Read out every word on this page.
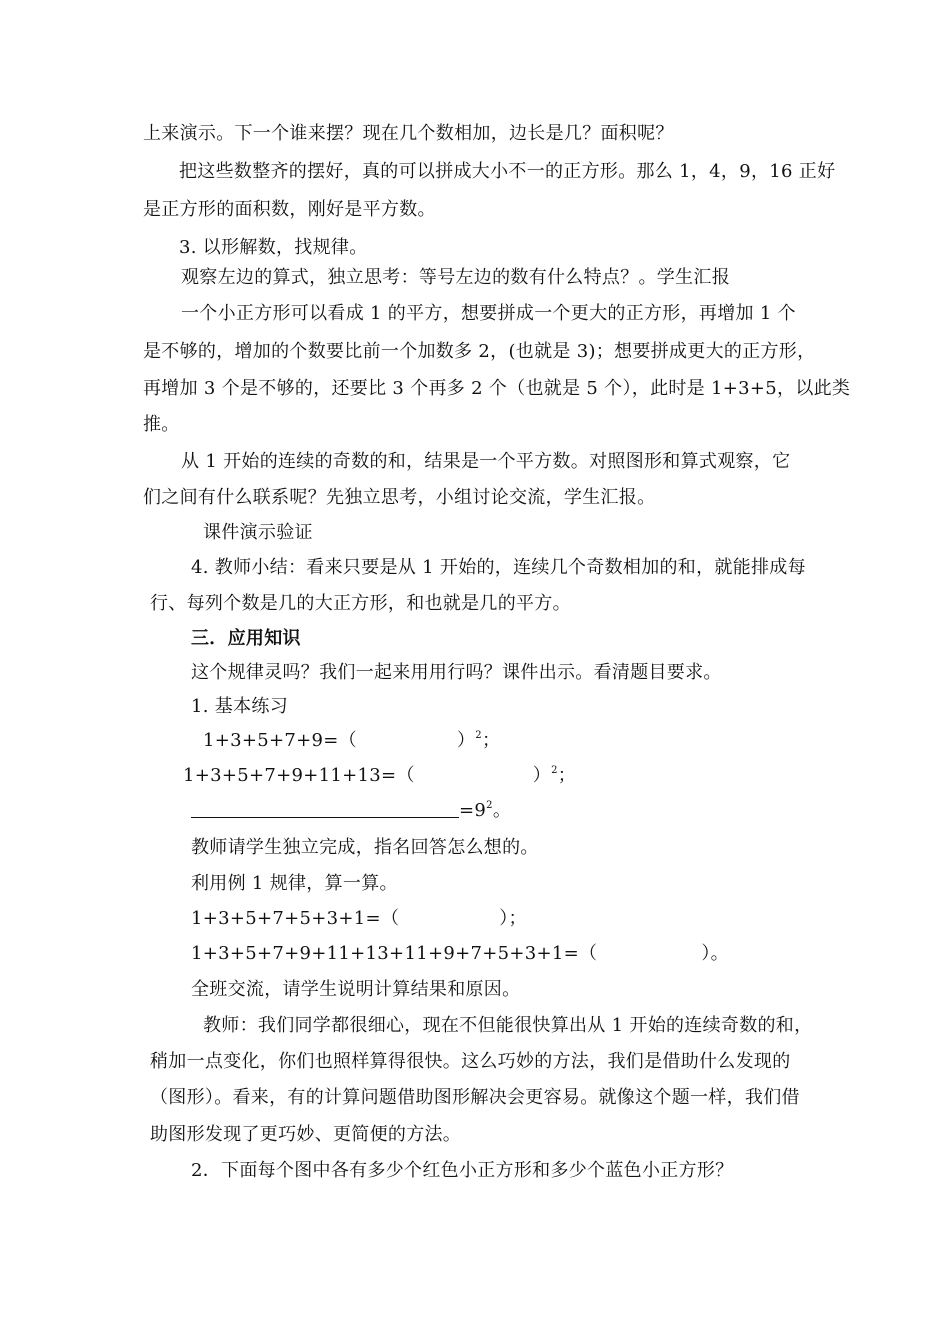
上来演示。下一个谁来摆？现在几个数相加，边长是几？面积呢？
把这些数整齐的摆好，真的可以拼成大小不一的正方形。那么 1，4，9，16 正好
是正方形的面积数，刚好是平方数。
3. 以形解数，找规律。
观察左边的算式，独立思考：等号左边的数有什么特点？。学生汇报
一个小正方形可以看成 1 的平方，想要拼成一个更大的正方形，再增加 1 个
是不够的，增加的个数要比前一个加数多 2，(也就是 3)；想要拼成更大的正方形，
再增加 3 个是不够的，还要比 3 个再多 2 个（也就是 5 个），此时是 1+3+5，以此类
推。
从 1 开始的连续的奇数的和，结果是一个平方数。对照图形和算式观察，它
们之间有什么联系呢？先独立思考，小组讨论交流，学生汇报。
课件演示验证
4. 教师小结：看来只要是从 1 开始的，连续几个奇数相加的和，就能排成每
行、每列个数是几的大正方形，和也就是几的平方。
三．应用知识
这个规律灵吗？我们一起来用用行吗？课件出示。看清题目要求。
1. 基本练习
1+3+5+7+9=（	）$^2$；
1+3+5+7+9+11+13=（	）$^2$；
$=9^2$。
教师请学生独立完成，指名回答怎么想的。
利用例 1 规律，算一算。
1+3+5+7+5+3+1=（	）；
1+3+5+7+9+11+13+11+9+7+5+3+1=（	）。
全班交流，请学生说明计算结果和原因。
教师：我们同学都很细心，现在不但能很快算出从 1 开始的连续奇数的和，
稍加一点变化，你们也照样算得很快。这么巧妙的方法，我们是借助什么发现的
（图形）。看来，有的计算问题借助图形解决会更容易。就像这个题一样，我们借
助图形发现了更巧妙、更简便的方法。
2．下面每个图中各有多少个红色小正方形和多少个蓝色小正方形？
